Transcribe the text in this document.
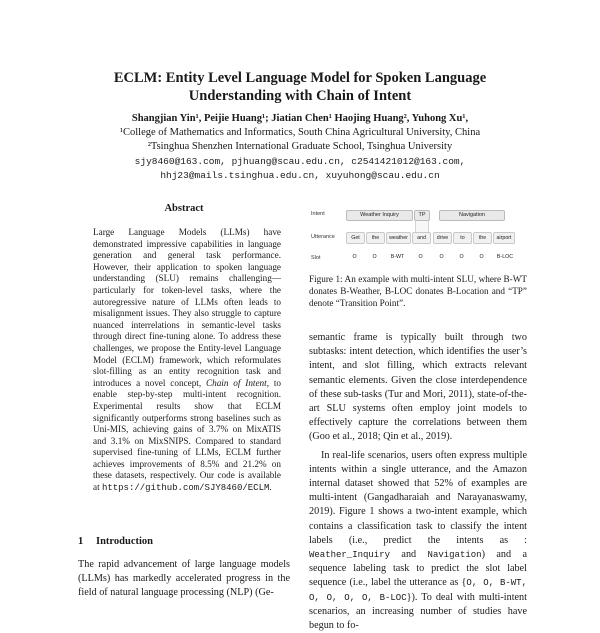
ECLM: Entity Level Language Model for Spoken Language
Understanding with Chain of Intent
Shangjian Yin¹, Peijie Huang¹; Jiatian Chen¹ Haojing Huang², Yuhong Xu¹,
¹College of Mathematics and Informatics, South China Agricultural University, China
²Tsinghua Shenzhen International Graduate School, Tsinghua University
sjy8460@163.com, pjhuang@scau.edu.cn, c2541421012@163.com,
hhj23@mails.tsinghua.edu.cn, xuyuhong@scau.edu.cn
Abstract

Large Language Models (LLMs) have demonstrated impressive capabilities in language generation and general task performance. However, their application to spoken language understanding (SLU) remains challenging—particularly for token-level tasks, where the autoregressive nature of LLMs often leads to misalignment issues. They also struggle to capture nuanced interrelations in semantic-level tasks through direct fine-tuning alone. To address these challenges, we propose the Entity-level Language Model (ECLM) framework, which reformulates slot-filling as an entity recognition task and introduces a novel concept, Chain of Intent, to enable step-by-step multi-intent recognition. Experimental results show that ECLM significantly outperforms strong baselines such as Uni-MIS, achieving gains of 3.7% on MixATIS and 3.1% on MixSNIPS. Compared to standard supervised fine-tuning of LLMs, ECLM further achieves improvements of 8.5% and 21.2% on these datasets, respectively. Our code is available at https://github.com/SJY8460/ECLM.

1 Introduction
The rapid advancement of large language models (LLMs) has markedly accelerated progress in the field of natural language processing (NLP) (Ge-
Intent
Utterance
Slot
Weather Inquiry	TP	Navigation
Get	the	weather	and	drive	to	the	airport
O	O	B-WT	O	O	O	O	B-LOC
Figure 1: An example with multi-intent SLU, where B-WT donates B-Weather, B-LOC donates B-Location and “TP” denote “Transition Point”.

semantic frame is typically built through two subtasks: intent detection, which identifies the user’s intent, and slot filling, which extracts relevant semantic elements. Given the close interdependence of these sub-tasks (Tur and Mori, 2011), state-of-the-art SLU systems often employ joint models to effectively capture the correlations between them (Goo et al., 2018; Qin et al., 2019).

In real-life scenarios, users often express multiple intents within a single utterance, and the Amazon internal dataset showed that 52% of examples are multi-intent (Gangadharaiah and Narayanaswamy, 2019). Figure 1 shows a two-intent example, which contains a classification task to classify the intent labels (i.e., predict the intents as : Weather_Inquiry and Navigation) and a sequence labeling task to predict the slot label sequence (i.e., label the utterance as {O, O, B-WT, O, O, O, O, B-LOC}). To deal with multi-intent scenarios, an increasing number of studies have begun to fo-
